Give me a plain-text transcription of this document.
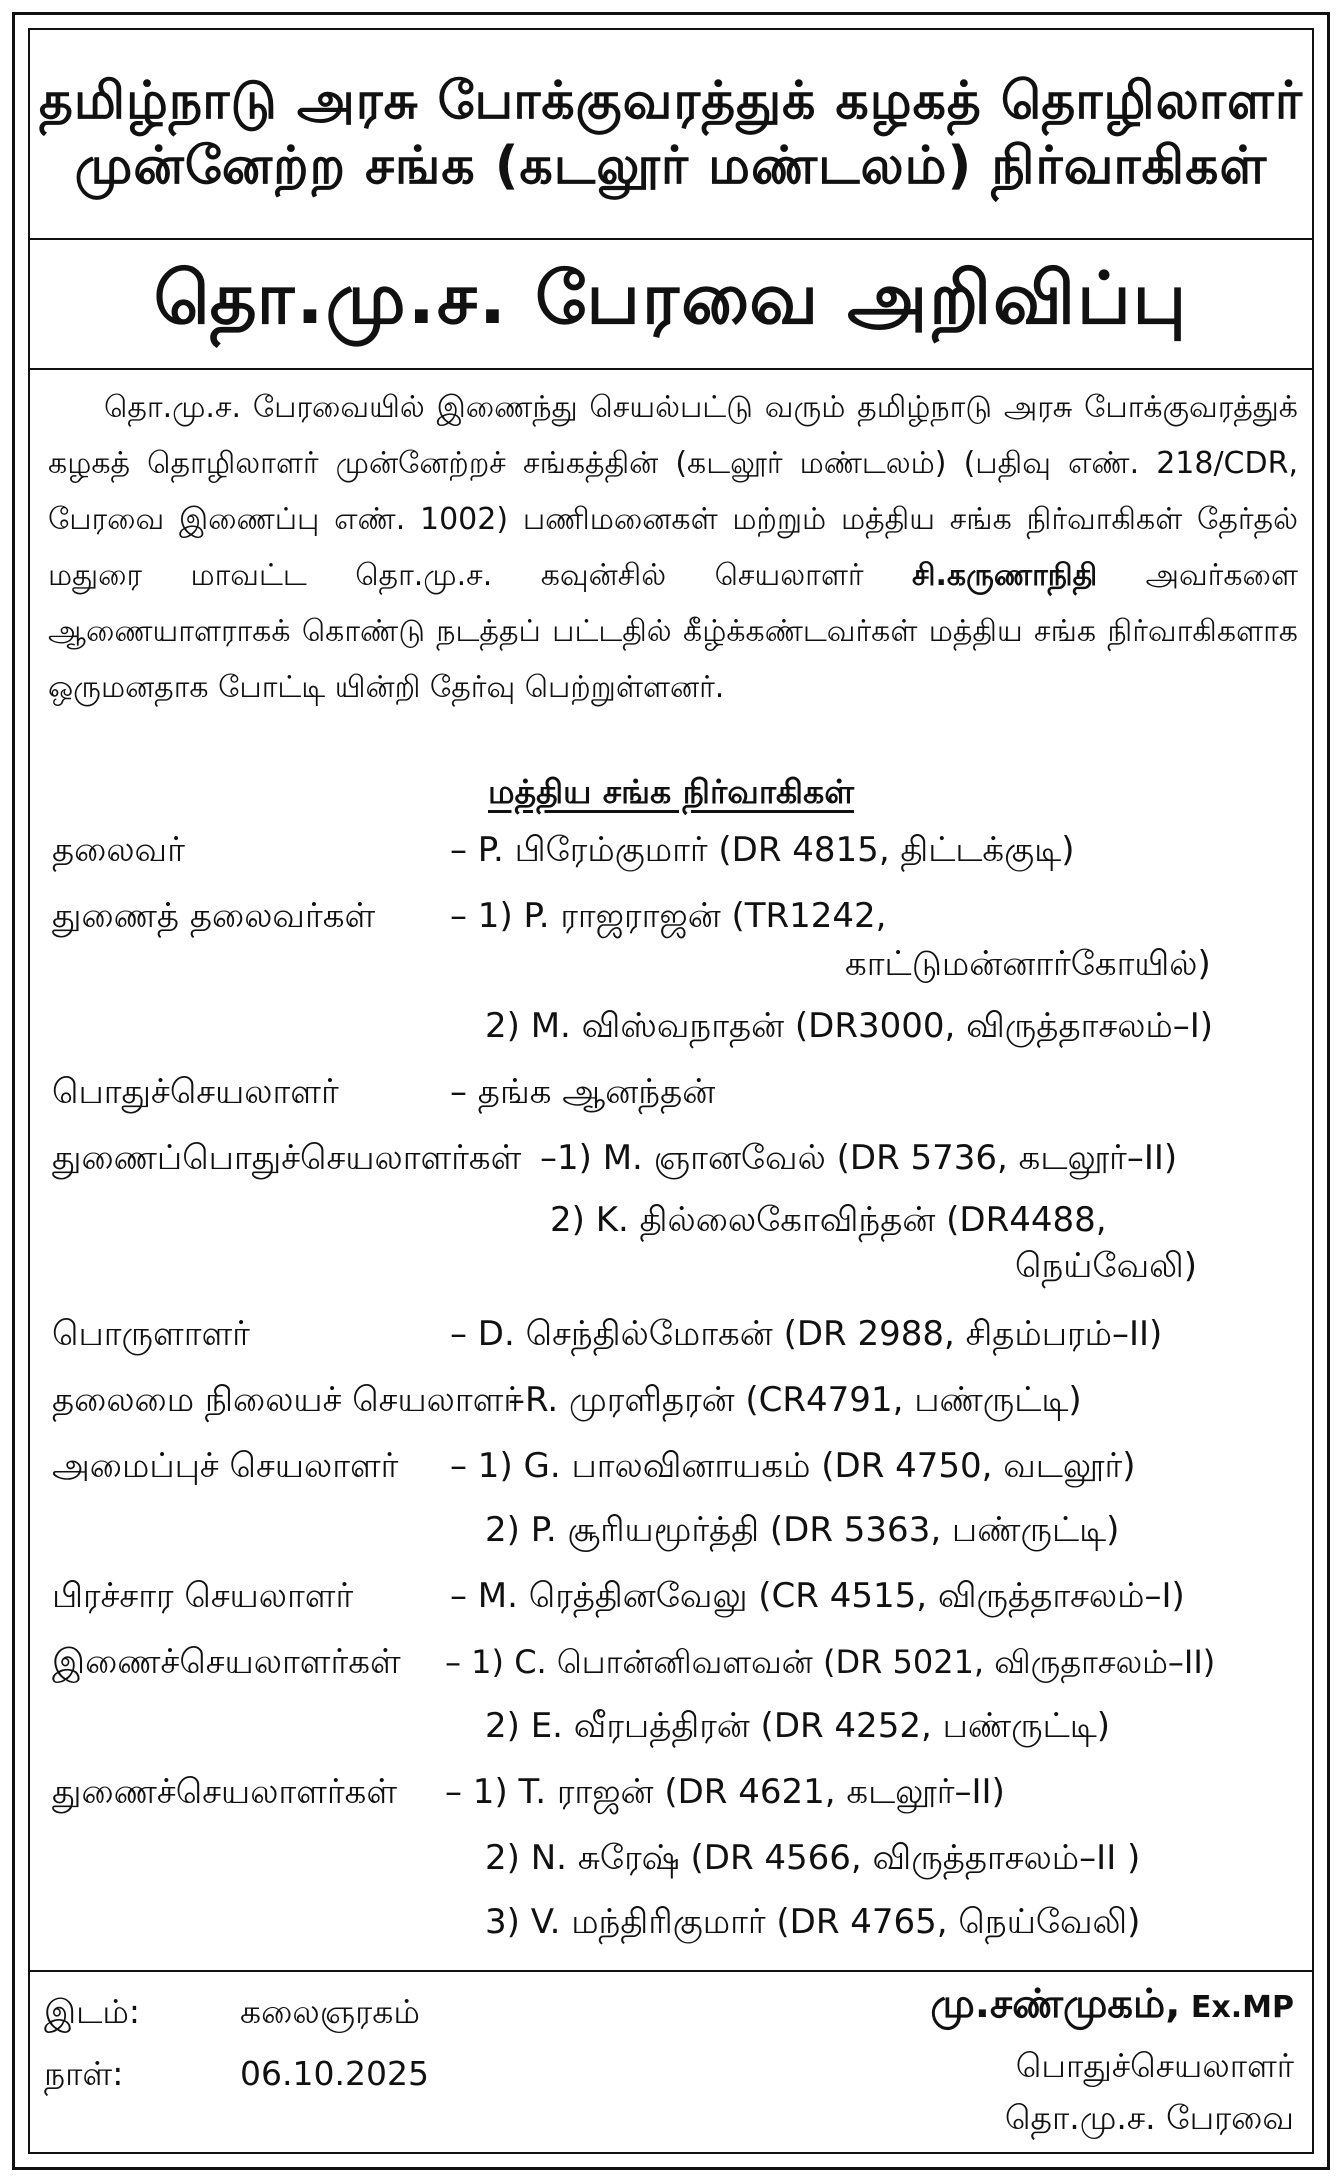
தமிழ்நாடு அரசு போக்குவரத்துக் கழகத் தொழிலாளர்
முன்னேற்ற சங்க (கடலூர் மண்டலம்) நிர்வாகிகள்
தொ.மு.ச. பேரவை அறிவிப்பு
தொ.மு.ச. பேரவையில் இணைந்து செயல்பட்டு வரும் தமிழ்நாடு அரசு போக்குவரத்துக் கழகத் தொழிலாளர் முன்னேற்றச் சங்கத்தின் (கடலூர் மண்டலம்) (பதிவு எண். 218/CDR, பேரவை இணைப்பு எண். 1002) பணிமனைகள் மற்றும் மத்திய சங்க நிர்வாகிகள் தேர்தல் மதுரை மாவட்ட தொ.மு.ச. கவுன்சில் செயலாளர் சி.கருணாநிதி அவர்களை ஆணையாளராகக் கொண்டு நடத்தப் பட்டதில் கீழ்க்கண்டவர்கள் மத்திய சங்க நிர்வாகிகளாக ஒருமனதாக போட்டி யின்றி தேர்வு பெற்றுள்ளனர்.
மத்திய சங்க நிர்வாகிகள்
தலைவர்	– P. பிரேம்குமார் (DR 4815, திட்டக்குடி)
துணைத் தலைவர்கள் – 1) P. ராஜராஜன் (TR1242,
காட்டுமன்னார்கோயில்)
2) M. விஸ்வநாதன் (DR3000, விருத்தாசலம்–I)
பொதுச்செயலாளர்	– தங்க ஆனந்தன்
துணைப்பொதுச்செயலாளர்கள் –1) M. ஞானவேல் (DR 5736, கடலூர்–II)
2) K. தில்லைகோவிந்தன் (DR4488,
நெய்வேலி)
பொருளாளர்	– D. செந்தில்மோகன் (DR 2988, சிதம்பரம்–II)
தலைமை நிலையச் செயலாளர்
–R. முரளிதரன் (CR4791, பண்ருட்டி)
அமைப்புச் செயலாளர் – 1) G. பாலவினாயகம் (DR 4750, வடலூர்)
2) P. சூரியமூர்த்தி (DR 5363, பண்ருட்டி)
பிரச்சார செயலாளர்	– M. ரெத்தினவேலு (CR 4515, விருத்தாசலம்–I)
இணைச்செயலாளர்கள் – 1) C. பொன்னிவளவன் (DR 5021, விருதாசலம்–II)
2) E. வீரபத்திரன் (DR 4252, பண்ருட்டி)
துணைச்செயலாளர்கள் – 1) T. ராஜன் (DR 4621, கடலூர்–II)
2) N. சுரேஷ் (DR 4566, விருத்தாசலம்–II )
3) V. மந்திரிகுமார் (DR 4765, நெய்வேலி)
இடம்:	கலைஞரகம்
நாள்:	06.10.2025
மு.சண்முகம், Ex.MP
பொதுச்செயலாளர்
தொ.மு.ச. பேரவை
